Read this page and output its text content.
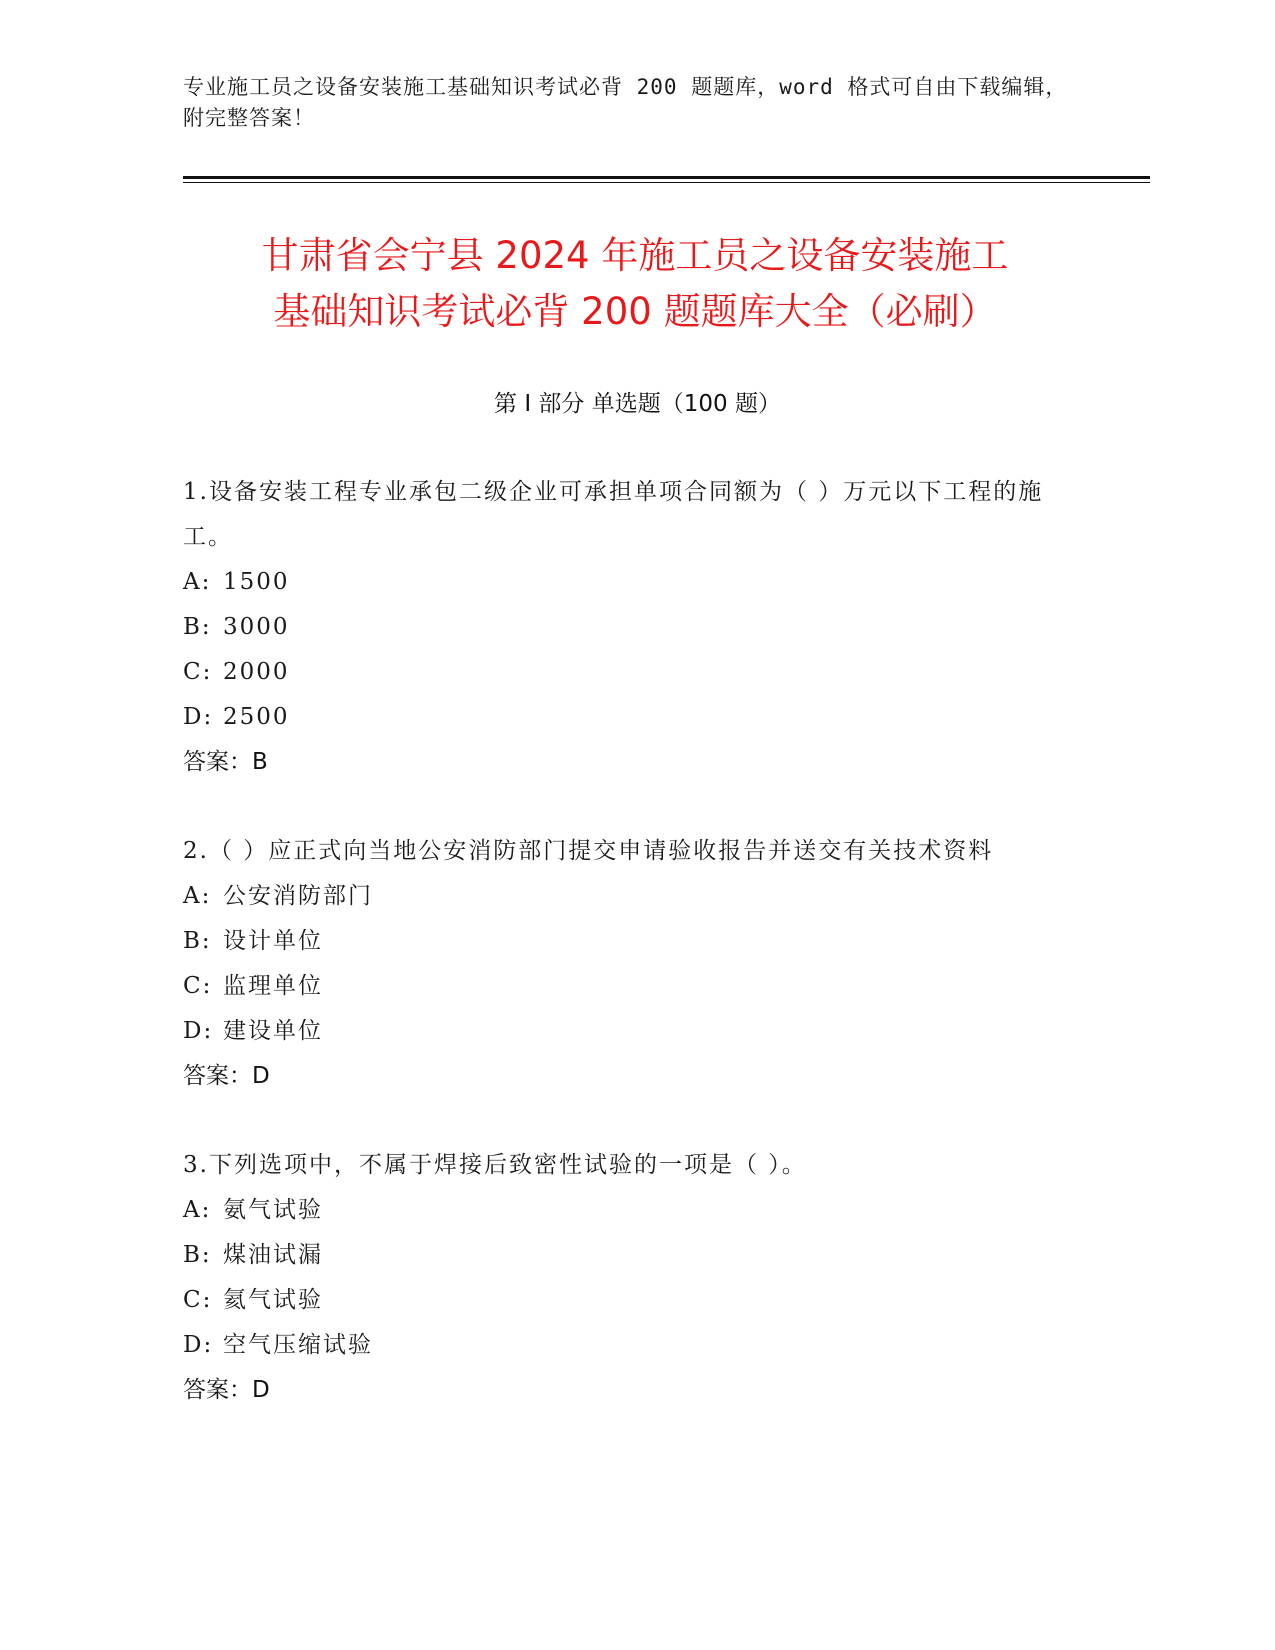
专业施工员之设备安装施工基础知识考试必背 200 题题库，word 格式可自由下载编辑，附完整答案！
甘肃省会宁县 2024 年施工员之设备安装施工
基础知识考试必背 200 题题库大全（必刷）
第 I 部分 单选题（100 题）
1.设备安装工程专业承包二级企业可承担单项合同额为（ ）万元以下工程的施工。
A: 1500
B: 3000
C: 2000
D: 2500
答案：B
2.（ ）应正式向当地公安消防部门提交申请验收报告并送交有关技术资料
A: 公安消防部门
B: 设计单位
C: 监理单位
D: 建设单位
答案：D
3.下列选项中，不属于焊接后致密性试验的一项是（ ）。
A: 氨气试验
B: 煤油试漏
C: 氦气试验
D: 空气压缩试验
答案：D
